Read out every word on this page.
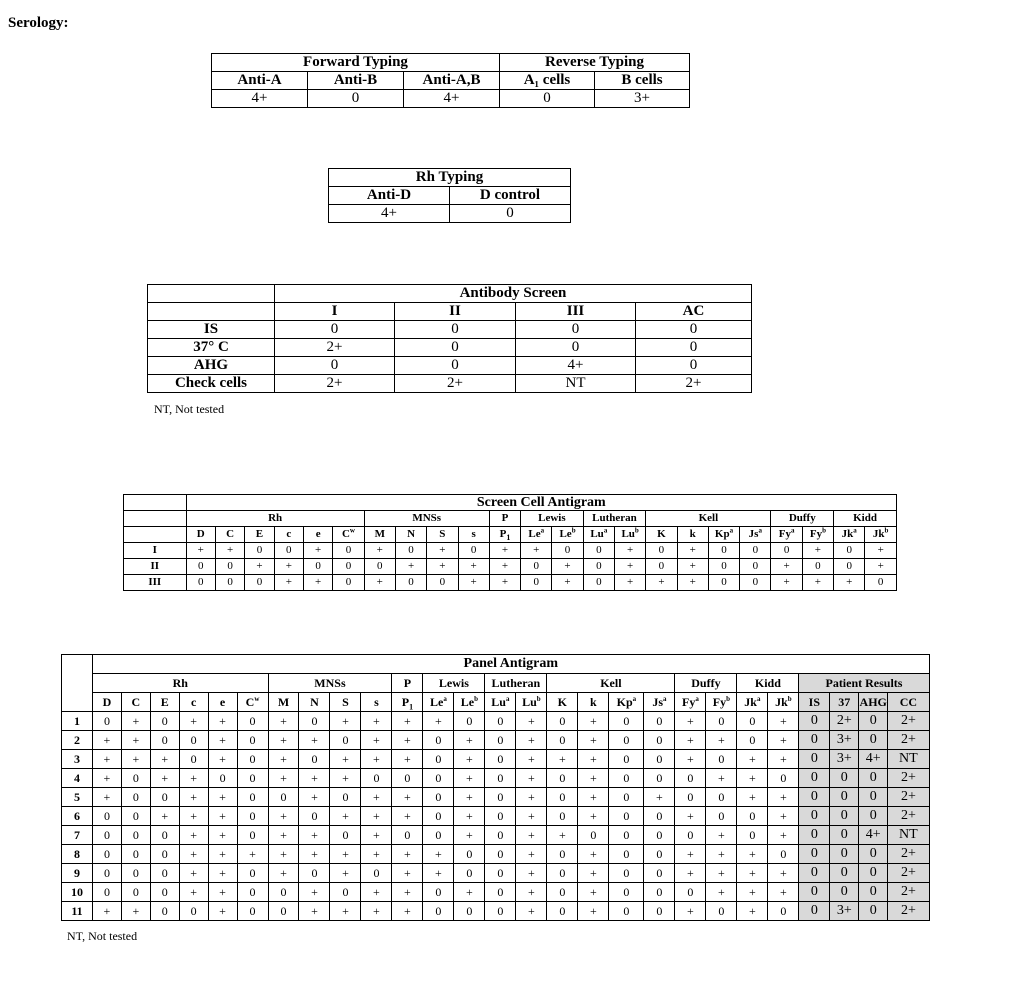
Serology:
Forward Typing			Reverse Typing	
Anti-A	Anti-B	Anti-A,B	A₁ cells	B cells
4+	0	4+	0	3+
Rh Typing	
Anti-D	D control
4+	0
	Antibody Screen			
	I	II	III	AC
IS	0	0	0	0
37° C	2+	0	0	0
AHG	0	0	4+	0
Check cells	2+	2+	NT	2+
NT, Not tested
	Screen Cell Antigram																						
	Rh						MNSs				P	Lewis		Lutheran		Kell				Duffy		Kidd	
	D	C	E	c	e	$C^w$	M	N	S	s	$P_1$	Le$^a$	Le$^b$	Lu$^a$	Lu$^b$	K	k	Kp$^a$	Js$^a$	Fy$^a$	Fy$^b$	Jk$^a$	Jk$^b$
I	+	+	0	0	+	0	+	0	+	0	+	+	0	0	+	0	+	0	0	0	+	0	+
II	0	0	+	+	0	0	0	+	+	+	+	0	+	0	+	0	+	0	0	+	0	0	+
III	0	0	0	+	+	0	+	0	0	+	+	0	+	0	+	+	+	0	0	+	+	+	0
	Panel Antigram																										
	Rh						MNSs				P	Lewis		Lutheran		Kell				Duffy		Kidd		Patient Results			
	D	C	E	c	e	$C^w$	M	N	S	s	$P_1$	Le$^a$	Le$^b$	Lu$^a$	Lu$^b$	K	k	Kp$^a$	Js$^a$	Fy$^a$	Fy$^b$	Jk$^a$	Jk$^b$	IS	37	AHG	CC
1	0	+	0	+	+	0	+	0	+	+	+	+	0	0	+	0	+	0	0	+	0	0	+	0	2+	0	2+
2	+	+	0	0	+	0	+	+	0	+	+	0	+	0	+	0	+	0	0	+	+	0	+	0	3+	0	2+
3	+	+	+	0	+	0	+	0	+	+	+	0	+	0	+	+	+	0	0	+	0	+	+	0	3+	4+	NT
4	+	0	+	+	0	0	+	+	+	0	0	0	+	0	+	0	+	0	0	0	+	+	0	0	0	0	2+
5	+	0	0	+	+	0	0	+	0	+	+	0	+	0	+	0	+	0	+	0	0	+	+	0	0	0	2+
6	0	0	+	+	+	0	+	0	+	+	+	0	+	0	+	0	+	0	0	+	0	0	+	0	0	0	2+
7	0	0	0	+	+	0	+	+	0	+	0	0	+	0	+	+	0	0	0	0	+	0	+	0	0	4+	NT
8	0	0	0	+	+	+	+	+	+	+	+	+	0	0	+	0	+	0	0	+	+	+	0	0	0	0	2+
9	0	0	0	+	+	0	+	0	+	0	+	+	0	0	+	0	+	0	0	+	+	+	+	0	0	0	2+
10	0	0	0	+	+	0	0	+	0	+	+	0	+	0	+	0	+	0	0	0	+	+	+	0	0	0	2+
11	+	+	0	0	+	0	0	+	+	+	+	0	0	0	+	0	+	0	0	+	0	+	0	0	3+	0	2+
NT, Not tested
